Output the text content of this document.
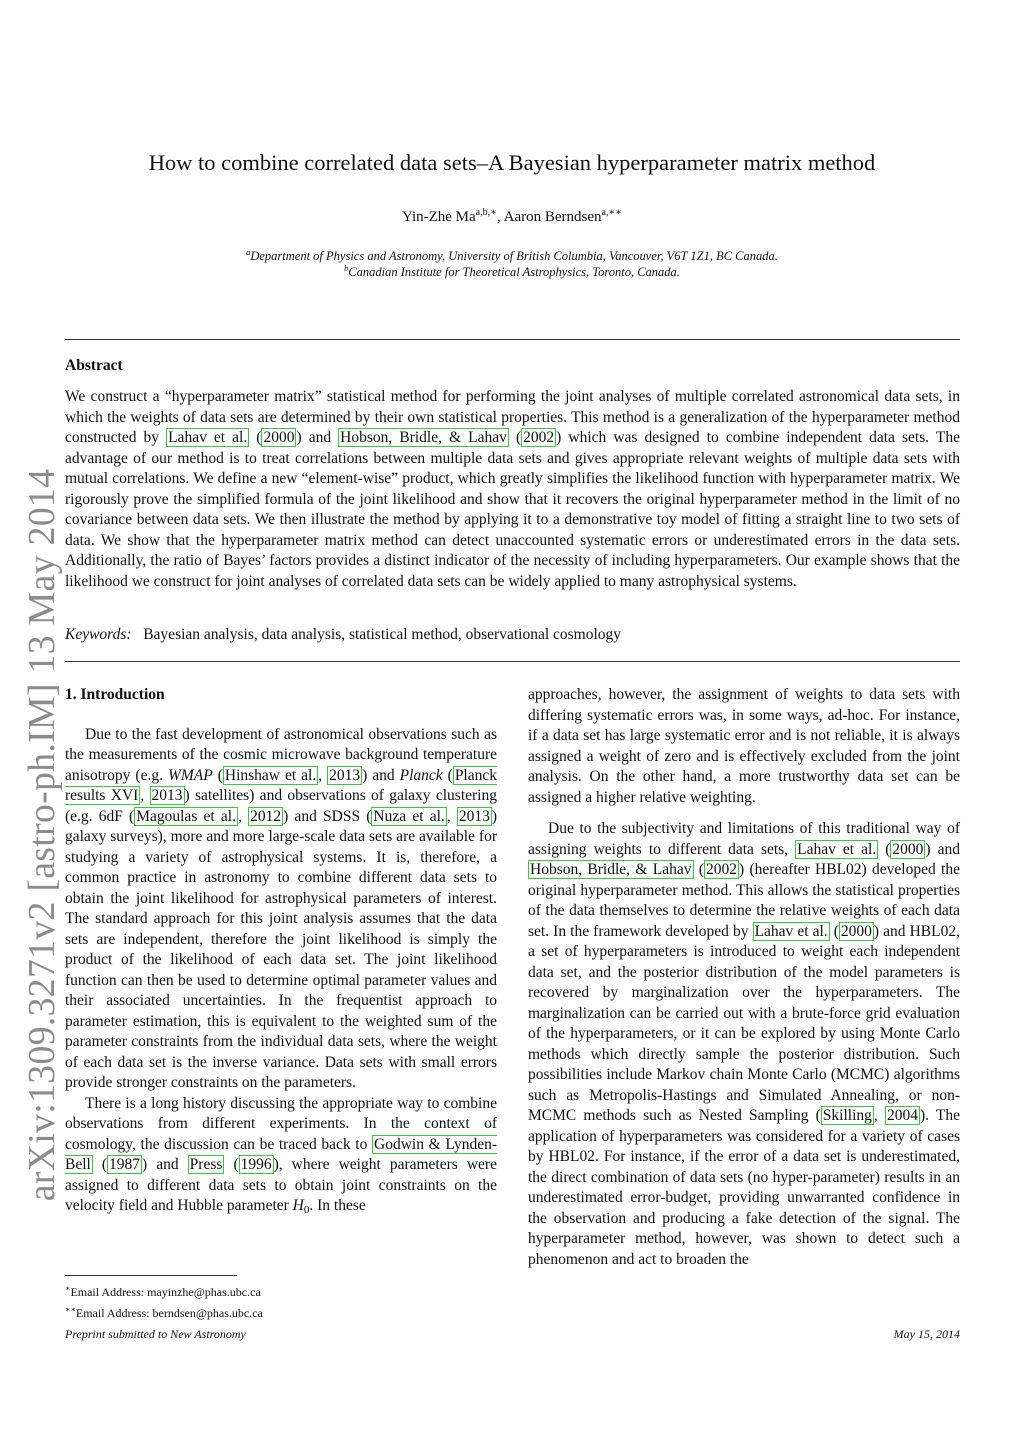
arXiv:1309.3271v2 [astro-ph.IM] 13 May 2014
How to combine correlated data sets–A Bayesian hyperparameter matrix method
Yin-Zhe $Ma^{a,b,∗}$, Aaron Berndsen$^{a,∗∗}$
$^a$Department of Physics and Astronomy, University of British Columbia, Vancouver, V6T 1Z1, BC Canada.
$^b$Canadian Institute for Theoretical Astrophysics, Toronto, Canada.
Abstract
We construct a “hyperparameter matrix” statistical method for performing the joint analyses of multiple correlated astronomical data sets, in which the weights of data sets are determined by their own statistical properties. This method is a generalization of the hyperparameter method constructed by Lahav et al. ( 2000 ) and Hobson, Bridle, & Lahav ( 2002 ) which was designed to combine independent data sets. The advantage of our method is to treat correlations between multiple data sets and gives appropriate relevant weights of multiple data sets with mutual correlations. We define a new “element-wise” product, which greatly simplifies the likelihood function with hyperparameter matrix. We rigorously prove the simplified formula of the joint likelihood and show that it recovers the original hyperparameter method in the limit of no covariance between data sets. We then illustrate the method by applying it to a demonstrative toy model of fitting a straight line to two sets of data. We show that the hyperparameter matrix method can detect unaccounted systematic errors or underestimated errors in the data sets. Additionally, the ratio of Bayes’ factors provides a distinct indicator of the necessity of including hyperparameters. Our example shows that the likelihood we construct for joint analyses of correlated data sets can be widely applied to many astrophysical systems.
Keywords: Bayesian analysis, data analysis, statistical method, observational cosmology
1. Introduction

Due to the fast development of astronomical observations such as the measurements of the cosmic microwave background temperature anisotropy (e.g. WMAP ( Hinshaw et al. , 2013 ) and Planck ( Planck results XVI , 2013 ) satellites) and observations of galaxy clustering (e.g. 6dF ( Magoulas et al. , 2012 ) and SDSS ( Nuza et al. , 2013 ) galaxy surveys), more and more large-scale data sets are available for studying a variety of astrophysical systems. It is, therefore, a common practice in astronomy to combine different data sets to obtain the joint likelihood for astrophysical parameters of interest. The standard approach for this joint analysis assumes that the data sets are independent, therefore the joint likelihood is simply the product of the likelihood of each data set. The joint likelihood function can then be used to determine optimal parameter values and their associated uncertainties. In the frequentist approach to parameter estimation, this is equivalent to the weighted sum of the parameter constraints from the individual data sets, where the weight of each data set is the inverse variance. Data sets with small errors provide stronger constraints on the parameters.

There is a long history discussing the appropriate way to combine observations from different experiments. In the context of cosmology, the discussion can be traced back to Godwin & Lynden-Bell ( 1987 ) and Press ( 1996 ), where weight parameters were assigned to different data sets to obtain joint constraints on the velocity field and Hubble parameter $H_0$. In these

approaches, however, the assignment of weights to data sets with differing systematic errors was, in some ways, ad-hoc. For instance, if a data set has large systematic error and is not reliable, it is always assigned a weight of zero and is effectively excluded from the joint analysis. On the other hand, a more trustworthy data set can be assigned a higher relative weighting.

Due to the subjectivity and limitations of this traditional way of assigning weights to different data sets, Lahav et al. ( 2000 ) and Hobson, Bridle, & Lahav ( 2002 ) (hereafter HBL02) developed the original hyperparameter method. This allows the statistical properties of the data themselves to determine the relative weights of each data set. In the framework developed by Lahav et al. ( 2000 ) and HBL02, a set of hyperparameters is introduced to weight each independent data set, and the posterior distribution of the model parameters is recovered by marginalization over the hyperparameters. The marginalization can be carried out with a brute-force grid evaluation of the hyperparameters, or it can be explored by using Monte Carlo methods which directly sample the posterior distribution. Such possibilities include Markov chain Monte Carlo (MCMC) algorithms such as Metropolis-Hastings and Simulated Annealing, or non-MCMC methods such as Nested Sampling ( Skilling , 2004 ). The application of hyperparameters was considered for a variety of cases by HBL02. For instance, if the error of a data set is underestimated, the direct combination of data sets (no hyper-parameter) results in an underestimated error-budget, providing unwarranted confidence in the observation and producing a fake detection of the signal. The hyperparameter method, however, was shown to detect such a phenomenon and act to broaden the

∗Email Address: mayinzhe@phas.ubc.ca
∗∗Email Address: berndsen@phas.ubc.ca
Preprint submitted to New Astronomy	May 15, 2014
